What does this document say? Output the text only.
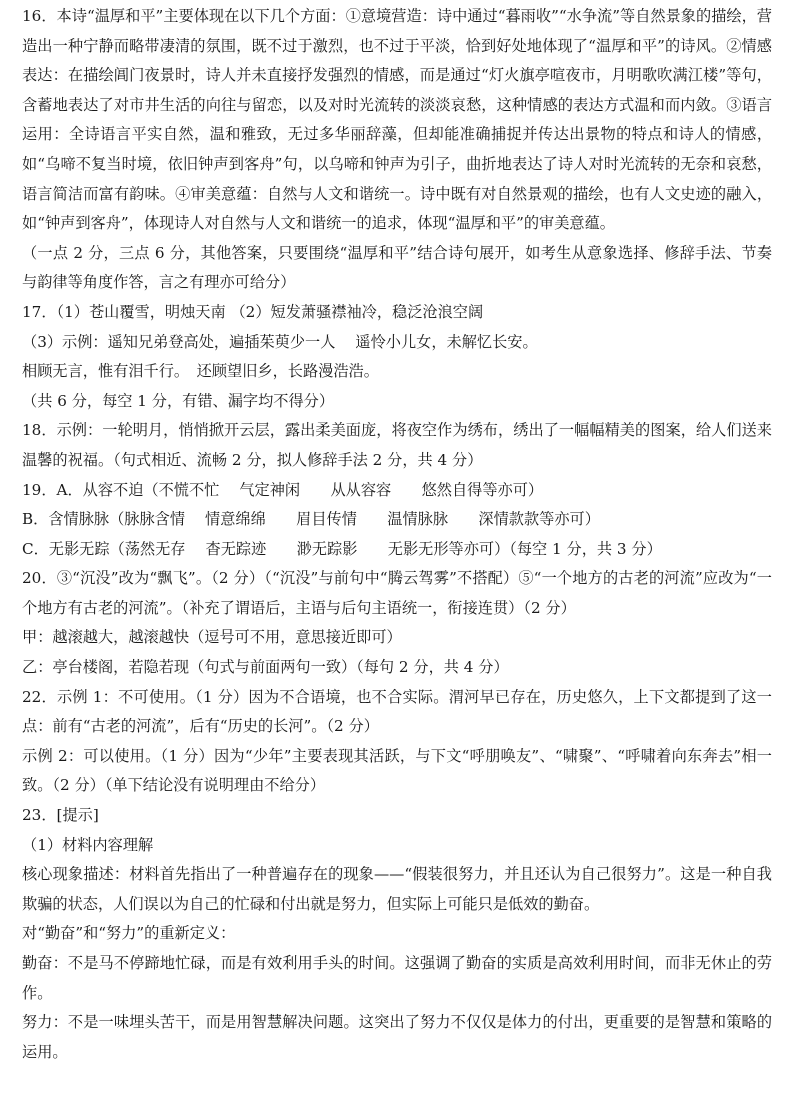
16．本诗“温厚和平”主要体现在以下几个方面：①意境营造：诗中通过“暮雨收”“水争流”等自然景象的描绘，营造出一种宁静而略带凄清的氛围，既不过于激烈，也不过于平淡，恰到好处地体现了“温厚和平”的诗风。②情感表达：在描绘阊门夜景时，诗人并未直接抒发强烈的情感，而是通过“灯火旗亭喧夜市，月明歌吹满江楼”等句，含蓄地表达了对市井生活的向往与留恋，以及对时光流转的淡淡哀愁，这种情感的表达方式温和而内敛。③语言运用：全诗语言平实自然，温和雅致，无过多华丽辞藻，但却能准确捕捉并传达出景物的特点和诗人的情感，如“乌啼不复当时境，依旧钟声到客舟”句，以乌啼和钟声为引子，曲折地表达了诗人对时光流转的无奈和哀愁，语言简洁而富有韵味。④审美意蕴：自然与人文和谐统一。诗中既有对自然景观的描绘，也有人文史迹的融入，如“钟声到客舟”，体现诗人对自然与人文和谐统一的追求，体现“温厚和平”的审美意蕴。

（一点 2 分，三点 6 分，其他答案，只要围绕“温厚和平”结合诗句展开，如考生从意象选择、修辞手法、节奏与韵律等角度作答，言之有理亦可给分）

17．（1）苍山覆雪，明烛天南 （2）短发萧骚襟袖冷，稳泛沧浪空阔

（3）示例：遥知兄弟登高处，遍插茱萸少一人　 遥怜小儿女，未解忆长安。

相顾无言，惟有泪千行。　还顾望旧乡，长路漫浩浩。

（共 6 分，每空 1 分，有错、漏字均不得分）

18．示例：一轮明月，悄悄掀开云层，露出柔美面庞，将夜空作为绣布，绣出了一幅幅精美的图案，给人们送来温馨的祝福。（句式相近、流畅 2 分，拟人修辞手法 2 分，共 4 分）

19．A．从容不迫（不慌不忙　 气定神闲　　从从容容　　悠然自得等亦可）

B．含情脉脉（脉脉含情　 情意绵绵　　眉目传情　　温情脉脉　　深情款款等亦可）

C．无影无踪（荡然无存　 杳无踪迹　　渺无踪影　　无影无形等亦可）（每空 1 分，共 3 分）

20．③“沉没”改为“飘飞”。（2 分）（“沉没”与前句中“腾云驾雾”不搭配）⑤“一个地方的古老的河流”应改为“一个地方有古老的河流”。（补充了谓语后，主语与后句主语统一，衔接连贯）（2 分）

甲：越滚越大，越滚越快（逗号可不用，意思接近即可）

乙：亭台楼阁，若隐若现（句式与前面两句一致）（每句 2 分，共 4 分）

22．示例 1：不可使用。（1 分）因为不合语境，也不合实际。渭河早已存在，历史悠久，上下文都提到了这一点：前有“古老的河流”，后有“历史的长河”。（2 分）

示例 2：可以使用。（1 分）因为“少年”主要表现其活跃，与下文“呼朋唤友”、“啸聚”、“呼啸着向东奔去”相一致。（2 分）（单下结论没有说明理由不给分）

23．[提示]

（1）材料内容理解

核心现象描述：材料首先指出了一种普遍存在的现象——“假装很努力，并且还认为自己很努力”。这是一种自我欺骗的状态，人们误以为自己的忙碌和付出就是努力，但实际上可能只是低效的勤奋。

对“勤奋”和“努力”的重新定义：

勤奋：不是马不停蹄地忙碌，而是有效利用手头的时间。这强调了勤奋的实质是高效利用时间，而非无休止的劳作。

努力：不是一味埋头苦干，而是用智慧解决问题。这突出了努力不仅仅是体力的付出，更重要的是智慧和策略的运用。
